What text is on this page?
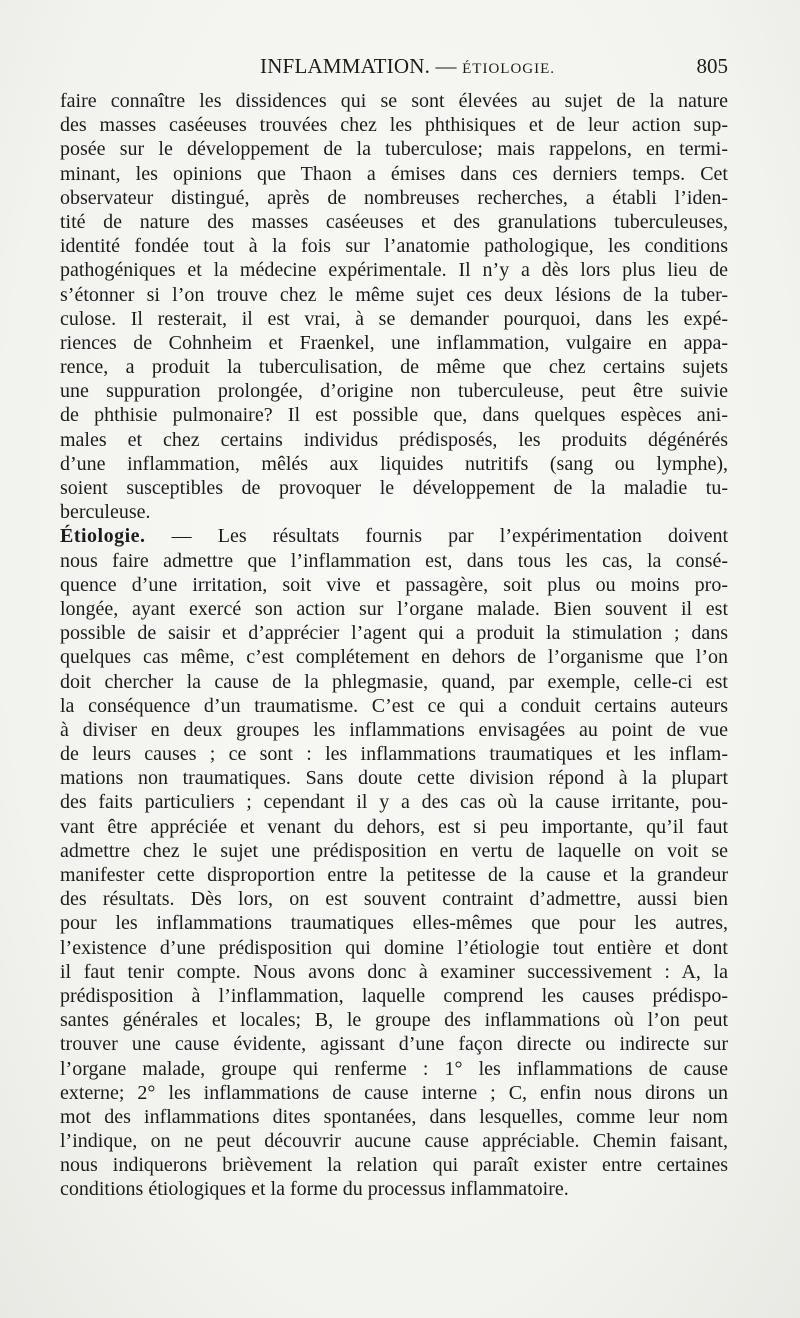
INFLAMMATION. — ÉTIOLOGIE.	805
faire connaître les dissidences qui se sont élevées au sujet de la nature
des masses caséeuses trouvées chez les phthisiques et de leur action sup-
posée sur le développement de la tuberculose; mais rappelons, en termi-
minant, les opinions que Thaon a émises dans ces derniers temps. Cet
observateur distingué, après de nombreuses recherches, a établi l’iden-
tité de nature des masses caséeuses et des granulations tuberculeuses,
identité fondée tout à la fois sur l’anatomie pathologique, les conditions
pathogéniques et la médecine expérimentale. Il n’y a dès lors plus lieu de
s’étonner si l’on trouve chez le même sujet ces deux lésions de la tuber-
culose. Il resterait, il est vrai, à se demander pourquoi, dans les expé-
riences de Cohnheim et Fraenkel, une inflammation, vulgaire en appa-
rence, a produit la tuberculisation, de même que chez certains sujets
une suppuration prolongée, d’origine non tuberculeuse, peut être suivie
de phthisie pulmonaire? Il est possible que, dans quelques espèces ani-
males et chez certains individus prédisposés, les produits dégénérés
d’une inflammation, mêlés aux liquides nutritifs (sang ou lymphe),
soient susceptibles de provoquer le développement de la maladie tu-
berculeuse.
Étiologie. — Les résultats fournis par l’expérimentation doivent
nous faire admettre que l’inflammation est, dans tous les cas, la consé-
quence d’une irritation, soit vive et passagère, soit plus ou moins pro-
longée, ayant exercé son action sur l’organe malade. Bien souvent il est
possible de saisir et d’apprécier l’agent qui a produit la stimulation ; dans
quelques cas même, c’est complétement en dehors de l’organisme que l’on
doit chercher la cause de la phlegmasie, quand, par exemple, celle-ci est
la conséquence d’un traumatisme. C’est ce qui a conduit certains auteurs
à diviser en deux groupes les inflammations envisagées au point de vue
de leurs causes ; ce sont : les inflammations traumatiques et les inflam-
mations non traumatiques. Sans doute cette division répond à la plupart
des faits particuliers ; cependant il y a des cas où la cause irritante, pou-
vant être appréciée et venant du dehors, est si peu importante, qu’il faut
admettre chez le sujet une prédisposition en vertu de laquelle on voit se
manifester cette disproportion entre la petitesse de la cause et la grandeur
des résultats. Dès lors, on est souvent contraint d’admettre, aussi bien
pour les inflammations traumatiques elles-mêmes que pour les autres,
l’existence d’une prédisposition qui domine l’étiologie tout entière et dont
il faut tenir compte. Nous avons donc à examiner successivement : A, la
prédisposition à l’inflammation, laquelle comprend les causes prédispo-
santes générales et locales; B, le groupe des inflammations où l’on peut
trouver une cause évidente, agissant d’une façon directe ou indirecte sur
l’organe malade, groupe qui renferme : 1° les inflammations de cause
externe; 2° les inflammations de cause interne ; C, enfin nous dirons un
mot des inflammations dites spontanées, dans lesquelles, comme leur nom
l’indique, on ne peut découvrir aucune cause appréciable. Chemin faisant,
nous indiquerons brièvement la relation qui paraît exister entre certaines
conditions étiologiques et la forme du processus inflammatoire.
